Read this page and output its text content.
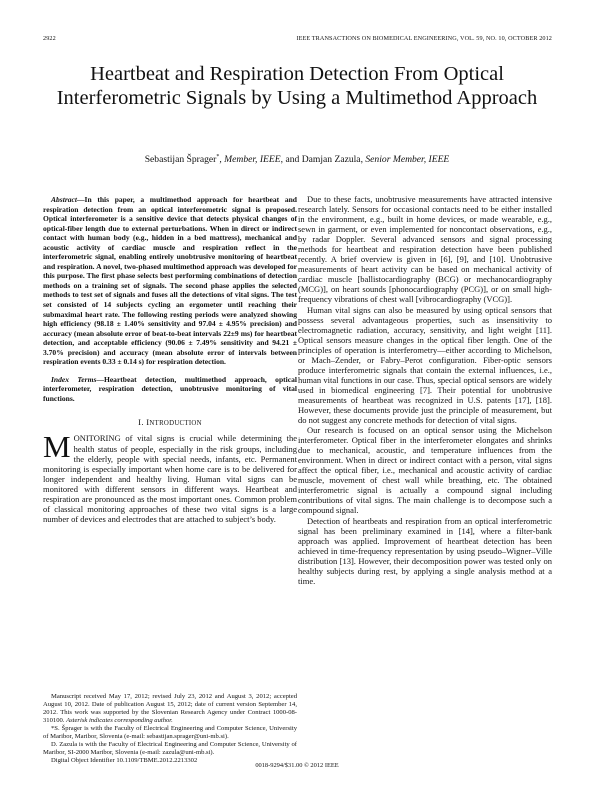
2922	IEEE TRANSACTIONS ON BIOMEDICAL ENGINEERING, VOL. 59, NO. 10, OCTOBER 2012
Heartbeat and Respiration Detection From Optical Interferometric Signals by Using a Multimethod Approach
Sebastijan Šprager*, Member, IEEE, and Damjan Zazula, Senior Member, IEEE

Abstract—In this paper, a multimethod approach for heartbeat and respiration detection from an optical interferometric signal is proposed. Optical interferometer is a sensitive device that detects physical changes of optical-fiber length due to external perturbations. When in direct or indirect contact with human body (e.g., hidden in a bed mattress), mechanical and acoustic activity of cardiac muscle and respiration reflect in the interferometric signal, enabling entirely unobtrusive monitoring of heartbeat and respiration. A novel, two-phased multimethod approach was developed for this purpose. The first phase selects best performing combinations of detection methods on a training set of signals. The second phase applies the selected methods to test set of signals and fuses all the detections of vital signs. The test set consisted of 14 subjects cycling an ergometer until reaching their submaximal heart rate. The following resting periods were analyzed showing high efficiency (98.18 ± 1.40% sensitivity and 97.04 ± 4.95% precision) and accuracy (mean absolute error of beat-to-beat intervals 22±9 ms) for heartbeat detection, and acceptable efficiency (90.06 ± 7.49% sensitivity and 94.21 ± 3.70% precision) and accuracy (mean absolute error of intervals between respiration events 0.33 ± 0.14 s) for respiration detection.

Index Terms—Heartbeat detection, multimethod approach, optical interferometer, respiration detection, unobtrusive monitoring of vital functions.

I. INTRODUCTION

MONITORING of vital signs is crucial while determining the health status of people, especially in the risk groups, including the elderly, people with special needs, infants, etc. Permanent monitoring is especially important when home care is to be delivered for longer independent and healthy living. Human vital signs can be monitored with different sensors in different ways. Heartbeat and respiration are pronounced as the most important ones. Common problem of classical monitoring approaches of these two vital signs is a large number of devices and electrodes that are attached to subject’s body.

Manuscript received May 17, 2012; revised July 23, 2012 and August 3, 2012; accepted August 10, 2012. Date of publication August 15, 2012; date of current version September 14, 2012. This work was supported by the Slovenian Research Agency under Contract 1000-08-310100. Asterisk indicates corresponding author.

*S. Šprager is with the Faculty of Electrical Engineering and Computer Science, University of Maribor, Maribor, Slovenia (e-mail: sebastijan.sprager@uni-mb.si).

D. Zazula is with the Faculty of Electrical Engineering and Computer Science, University of Maribor, SI-2000 Maribor, Slovenia (e-mail: zazula@uni-mb.si).

Digital Object Identifier 10.1109/TBME.2012.2213302

Due to these facts, unobtrusive measurements have attracted intensive research lately. Sensors for occasional contacts need to be either installed in the environment, e.g., built in home devices, or made wearable, e.g., sewn in garment, or even implemented for noncontact observations, e.g., by radar Doppler. Several advanced sensors and signal processing methods for heartbeat and respiration detection have been published recently. A brief overview is given in [6], [9], and [10]. Unobtrusive measurements of heart activity can be based on mechanical activity of cardiac muscle [ballistocardiography (BCG) or mechanocardiography (MCG)], on heart sounds [phonocardiography (PCG)], or on small high-frequency vibrations of chest wall [vibrocardiography (VCG)].

Human vital signs can also be measured by using optical sensors that possess several advantageous properties, such as insensitivity to electromagnetic radiation, accuracy, sensitivity, and light weight [11]. Optical sensors measure changes in the optical fiber length. One of the principles of operation is interferometry—either according to Michelson, or Mach–Zender, or Fabry–Perot configuration. Fiber-optic sensors produce interferometric signals that contain the external influences, i.e., human vital functions in our case. Thus, special optical sensors are widely used in biomedical engineering [7]. Their potential for unobtrusive measurements of heartbeat was recognized in U.S. patents [17], [18]. However, these documents provide just the principle of measurement, but do not suggest any concrete methods for detection of vital signs.

Our research is focused on an optical sensor using the Michelson interferometer. Optical fiber in the interferometer elongates and shrinks due to mechanical, acoustic, and temperature influences from the environment. When in direct or indirect contact with a person, vital signs affect the optical fiber, i.e., mechanical and acoustic activity of cardiac muscle, movement of chest wall while breathing, etc. The obtained interferometric signal is actually a compound signal including contributions of vital signs. The main challenge is to decompose such a compound signal.

Detection of heartbeats and respiration from an optical interferometric signal has been preliminary examined in [14], where a filter-bank approach was applied. Improvement of heartbeat detection has been achieved in time-frequency representation by using pseudo–Wigner–Ville distribution [13]. However, their decomposition power was tested only on healthy subjects during rest, by applying a single analysis method at a time.

0018-9294/$31.00 © 2012 IEEE
